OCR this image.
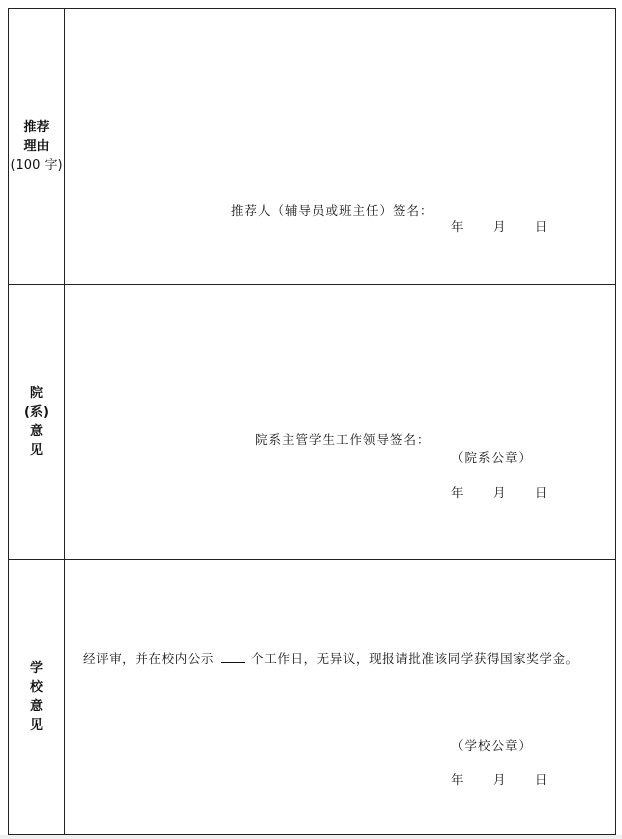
推荐
理由
(100 字)
推荐人（辅导员或班主任）签名：
年 月 日
院
(系)
意
见
院系主管学生工作领导签名：
（院系公章）
年 月 日
学
校
意
见
经评审，并在校内公示	个工作日，无异议，现报请批准该同学获得国家奖学金。
（学校公章）
年 月 日
